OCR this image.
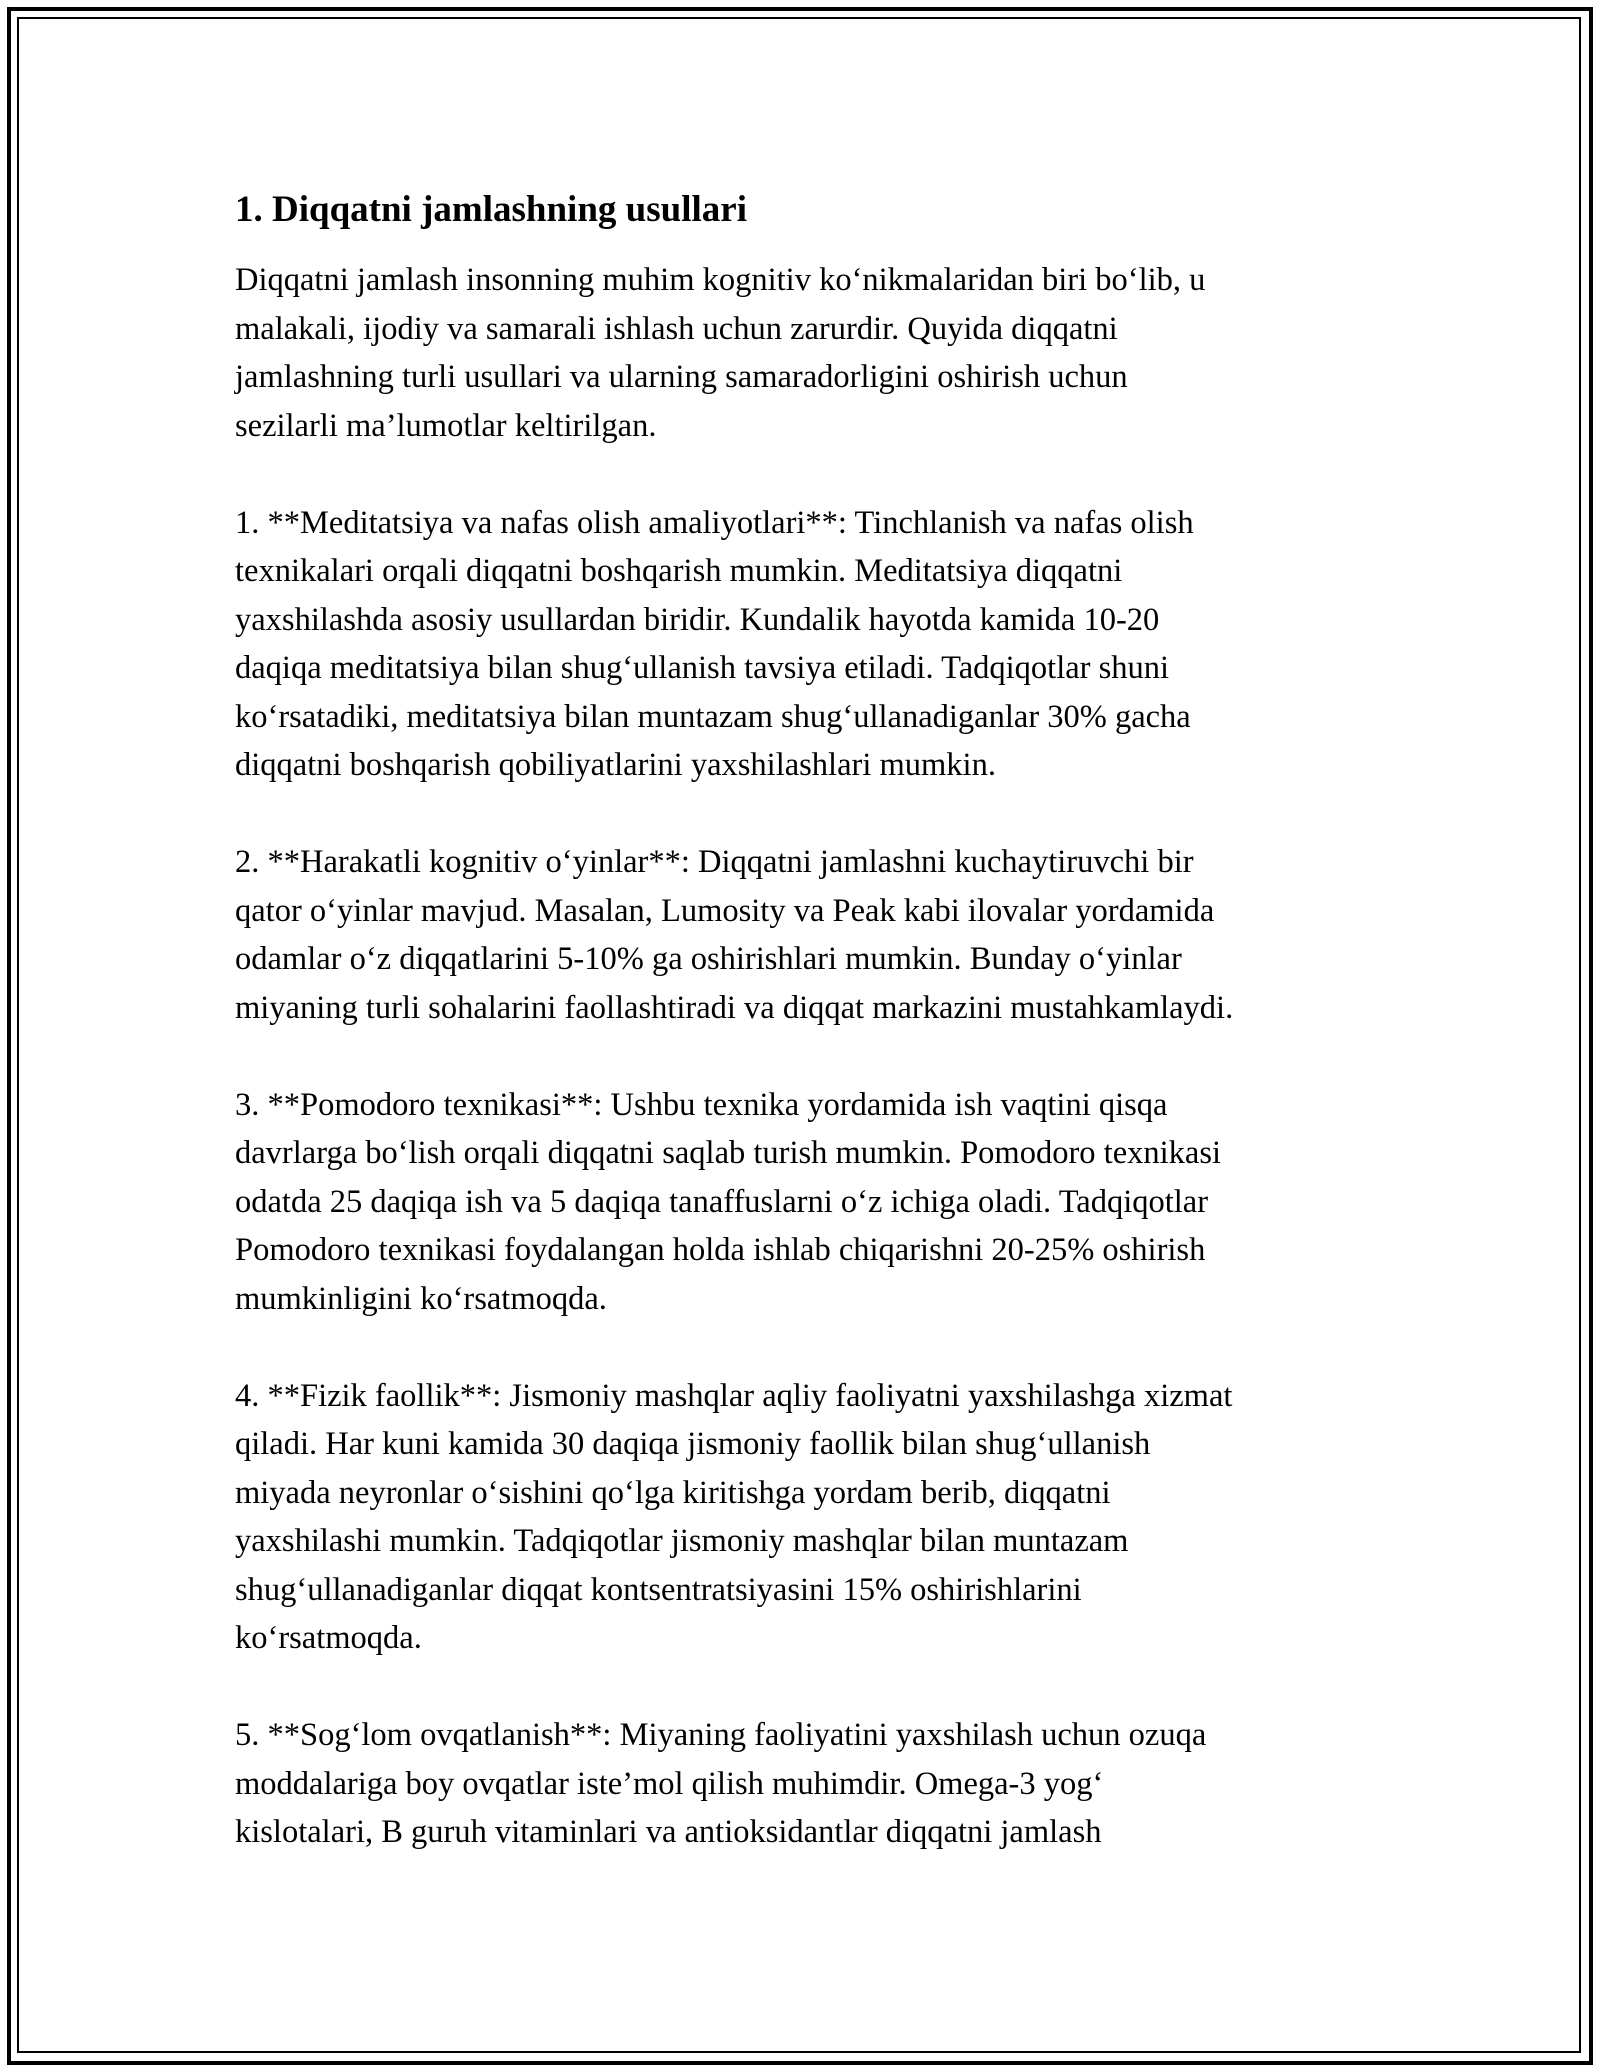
1. Diqqatni jamlashning usullari

Diqqatni jamlash insonning muhim kognitiv ko‘nikmalaridan biri bo‘lib, u
malakali, ijodiy va samarali ishlash uchun zarurdir. Quyida diqqatni
jamlashning turli usullari va ularning samaradorligini oshirish uchun
sezilarli ma’lumotlar keltirilgan.

1. **Meditatsiya va nafas olish amaliyotlari**: Tinchlanish va nafas olish
texnikalari orqali diqqatni boshqarish mumkin. Meditatsiya diqqatni
yaxshilashda asosiy usullardan biridir. Kundalik hayotda kamida 10-20
daqiqa meditatsiya bilan shug‘ullanish tavsiya etiladi. Tadqiqotlar shuni
ko‘rsatadiki, meditatsiya bilan muntazam shug‘ullanadiganlar 30% gacha
diqqatni boshqarish qobiliyatlarini yaxshilashlari mumkin.

2. **Harakatli kognitiv o‘yinlar**: Diqqatni jamlashni kuchaytiruvchi bir
qator o‘yinlar mavjud. Masalan, Lumosity va Peak kabi ilovalar yordamida
odamlar o‘z diqqatlarini 5-10% ga oshirishlari mumkin. Bunday o‘yinlar
miyaning turli sohalarini faollashtiradi va diqqat markazini mustahkamlaydi.

3. **Pomodoro texnikasi**: Ushbu texnika yordamida ish vaqtini qisqa
davrlarga bo‘lish orqali diqqatni saqlab turish mumkin. Pomodoro texnikasi
odatda 25 daqiqa ish va 5 daqiqa tanaffuslarni o‘z ichiga oladi. Tadqiqotlar
Pomodoro texnikasi foydalangan holda ishlab chiqarishni 20-25% oshirish
mumkinligini ko‘rsatmoqda.

4. **Fizik faollik**: Jismoniy mashqlar aqliy faoliyatni yaxshilashga xizmat
qiladi. Har kuni kamida 30 daqiqa jismoniy faollik bilan shug‘ullanish
miyada neyronlar o‘sishini qo‘lga kiritishga yordam berib, diqqatni
yaxshilashi mumkin. Tadqiqotlar jismoniy mashqlar bilan muntazam
shug‘ullanadiganlar diqqat kontsentratsiyasini 15% oshirishlarini
ko‘rsatmoqda.

5. **Sog‘lom ovqatlanish**: Miyaning faoliyatini yaxshilash uchun ozuqa
moddalariga boy ovqatlar iste’mol qilish muhimdir. Omega-3 yog‘
kislotalari, B guruh vitaminlari va antioksidantlar diqqatni jamlash
